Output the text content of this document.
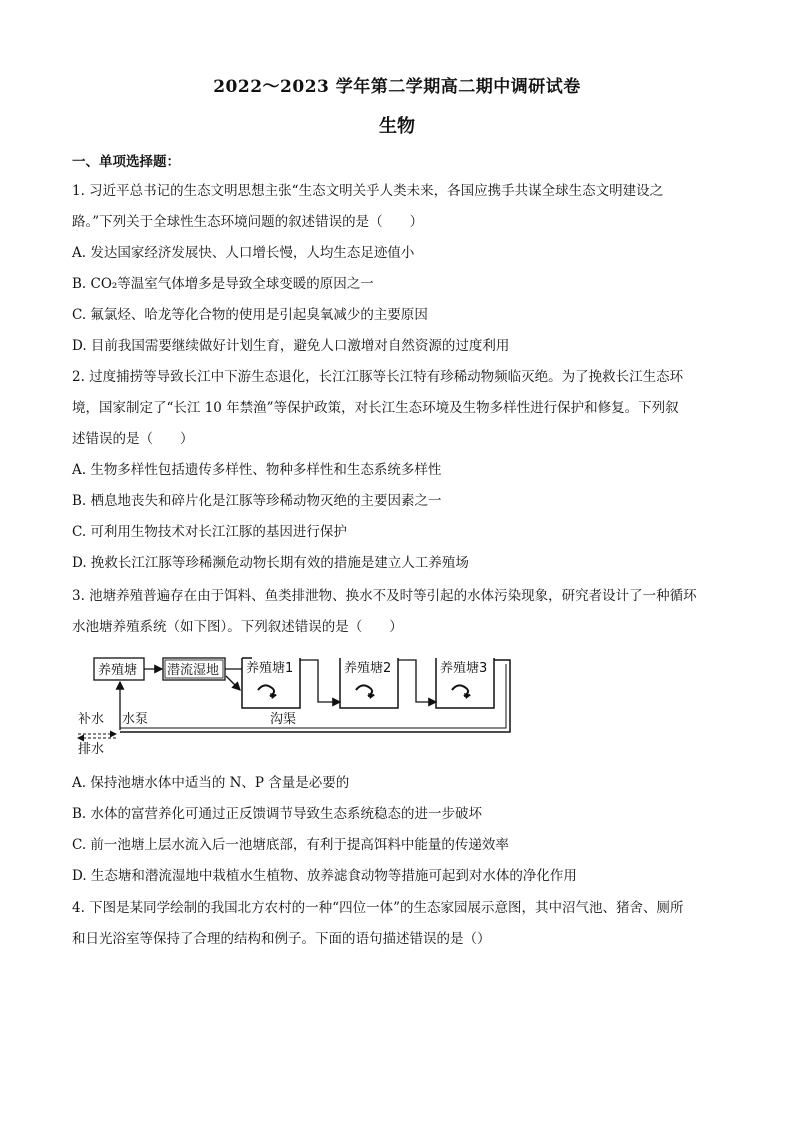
2022～2023 学年第二学期高二期中调研试卷
生物
一、单项选择题：
1. 习近平总书记的生态文明思想主张“生态文明关乎人类未来，各国应携手共谋全球生态文明建设之
路。”下列关于全球性生态环境问题的叙述错误的是（　　）
A. 发达国家经济发展快、人口增长慢，人均生态足迹值小
B. CO₂等温室气体增多是导致全球变暖的原因之一
C. 氟氯烃、哈龙等化合物的使用是引起臭氧减少的主要原因
D. 目前我国需要继续做好计划生育，避免人口激增对自然资源的过度利用
2. 过度捕捞等导致长江中下游生态退化，长江江豚等长江特有珍稀动物频临灭绝。为了挽救长江生态环
境，国家制定了“长江 10 年禁渔”等保护政策，对长江生态环境及生物多样性进行保护和修复。下列叙
述错误的是（　　）
A. 生物多样性包括遗传多样性、物种多样性和生态系统多样性
B. 栖息地丧失和碎片化是江豚等珍稀动物灭绝的主要因素之一
C. 可利用生物技术对长江江豚的基因进行保护
D. 挽救长江江豚等珍稀濒危动物长期有效的措施是建立人工养殖场
3. 池塘养殖普遍存在由于饵料、鱼类排泄物、换水不及时等引起的水体污染现象，研究者设计了一种循环
水池塘养殖系统（如下图）。下列叙述错误的是（　　）
养殖塘 潜流湿地 养殖塘1	养殖塘2	养殖塘3
沟渠
水泵
补水
排水
A. 保持池塘水体中适当的 N、P 含量是必要的
B. 水体的富营养化可通过正反馈调节导致生态系统稳态的进一步破坏
C. 前一池塘上层水流入后一池塘底部，有利于提高饵料中能量的传递效率
D. 生态塘和潜流湿地中栽植水生植物、放养滤食动物等措施可起到对水体的净化作用
4. 下图是某同学绘制的我国北方农村的一种“四位一体”的生态家园展示意图，其中沼气池、猪舍、厕所
和日光浴室等保持了合理的结构和例子。下面的语句描述错误的是（）
